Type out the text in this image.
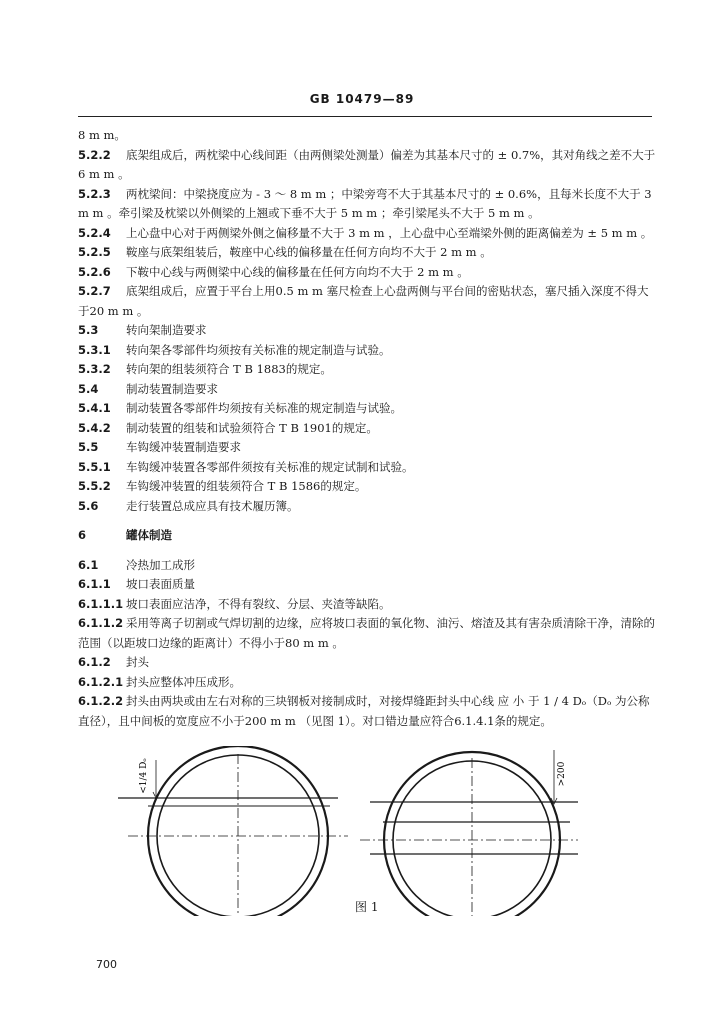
GB 10479—89

8 m m。

5.2.2 底架组成后，两枕梁中心线间距（由两侧梁处测量）偏差为其基本尺寸的 ± 0.7%，其对角线之差不大于 6 m m 。

5.2.3 两枕梁间：中梁挠度应为 - 3 ～ 8 m m ；中梁旁弯不大于其基本尺寸的 ± 0.6%，且每米长度不大于 3 m m 。牵引梁及枕梁以外侧梁的上翘或下垂不大于 5 m m ；牵引梁尾头不大于 5 m m 。

5.2.4 上心盘中心对于两侧梁外侧之偏移量不大于 3 m m ，上心盘中心至端梁外侧的距离偏差为 ± 5 m m 。

5.2.5 鞍座与底架组装后，鞍座中心线的偏移量在任何方向均不大于 2 m m 。

5.2.6 下鞍中心线与两侧梁中心线的偏移量在任何方向均不大于 2 m m 。

5.2.7 底架组成后，应置于平台上用0.5 m m 塞尺检查上心盘两侧与平台间的密贴状态，塞尺插入深度不得大于20 m m 。

5.3 转向架制造要求

5.3.1 转向架各零部件均须按有关标准的规定制造与试验。

5.3.2 转向架的组装须符合 T B 1883的规定。

5.4 制动装置制造要求

5.4.1 制动装置各零部件均须按有关标准的规定制造与试验。

5.4.2 制动装置的组装和试验须符合 T B 1901的规定。

5.5 车钩缓冲装置制造要求

5.5.1 车钩缓冲装置各零部件须按有关标准的规定试制和试验。

5.5.2 车钩缓冲装置的组装须符合 T B 1586的规定。

5.6 走行装置总成应具有技术履历簿。

6	罐体制造

6.1 冷热加工成形

6.1.1 坡口表面质量

6.1.1.1 坡口表面应洁净，不得有裂纹、分层、夹渣等缺陷。

6.1.1.2 采用等离子切割或气焊切割的边缘，应将坡口表面的氧化物、油污、熔渣及其有害杂质清除干净，清除的范围（以距坡口边缘的距离计）不得小于80 m m 。

6.1.2 封头

6.1.2.1 封头应整体冲压成形。

6.1.2.2 封头由两块或由左右对称的三块钢板对接制成时，对接焊缝距封头中心线 应 小 于 1 / 4 Dₒ（Dₒ 为公称直径），且中间板的宽度应不小于200 m m （见图 1）。对口错边量应符合6.1.4.1条的规定。

<1/4 Dₒ	>200
图 1
700
